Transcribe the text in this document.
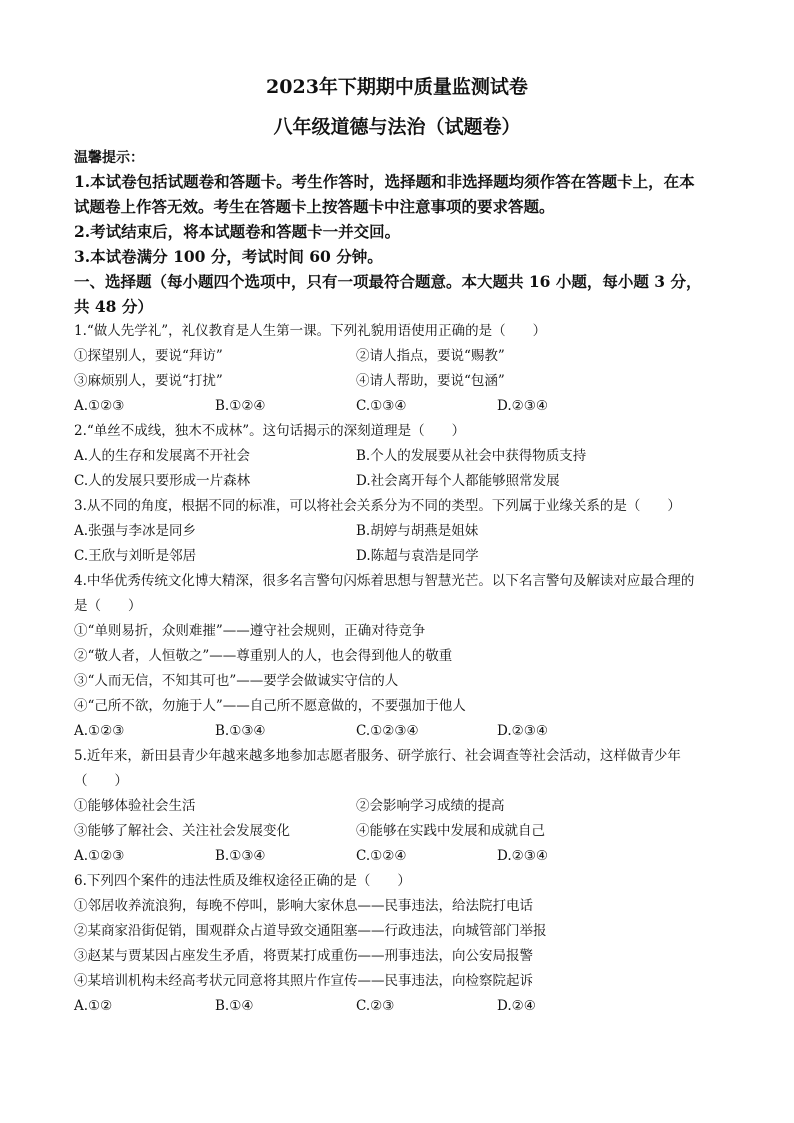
2023年下期期中质量监测试卷
八年级道德与法治（试题卷）
温馨提示：
1.本试卷包括试题卷和答题卡。考生作答时，选择题和非选择题均须作答在答题卡上，在本
试题卷上作答无效。考生在答题卡上按答题卡中注意事项的要求答题。
2.考试结束后，将本试题卷和答题卡一并交回。
3.本试卷满分 100 分，考试时间 60 分钟。
一、选择题（每小题四个选项中，只有一项最符合题意。本大题共 16 小题，每小题 3 分，
共 48 分）
1.“做人先学礼”，礼仪教育是人生第一课。下列礼貌用语使用正确的是（　　）
①探望别人，要说“拜访”	②请人指点，要说“赐教”
③麻烦别人，要说“打扰”	④请人帮助，要说“包涵”
A.①②③	B.①②④	C.①③④	D.②③④
2.“单丝不成线，独木不成林”。这句话揭示的深刻道理是（　　）
A.人的生存和发展离不开社会	B.个人的发展要从社会中获得物质支持
C.人的发展只要形成一片森林	D.社会离开每个人都能够照常发展
3.从不同的角度，根据不同的标准，可以将社会关系分为不同的类型。下列属于业缘关系的是（　　）
A.张强与李冰是同乡	B.胡婷与胡燕是姐妹
C.王欣与刘昕是邻居	D.陈超与袁浩是同学
4.中华优秀传统文化博大精深，很多名言警句闪烁着思想与智慧光芒。以下名言警句及解读对应最合理的
是（　　）
①“单则易折，众则难摧”——遵守社会规则，正确对待竞争
②“敬人者，人恒敬之”——尊重别人的人，也会得到他人的敬重
③“人而无信，不知其可也”——要学会做诚实守信的人
④“己所不欲，勿施于人”——自己所不愿意做的，不要强加于他人
A.①②③	B.①③④	C.①②③④	D.②③④
5.近年来，新田县青少年越来越多地参加志愿者服务、研学旅行、社会调查等社会活动，这样做青少年
（　　）
①能够体验社会生活	②会影响学习成绩的提高
③能够了解社会、关注社会发展变化	④能够在实践中发展和成就自己
A.①②③	B.①③④	C.①②④	D.②③④
6.下列四个案件的违法性质及维权途径正确的是（　　）
①邻居收养流浪狗，每晚不停叫，影响大家休息——民事违法，给法院打电话
②某商家沿街促销，围观群众占道导致交通阻塞——行政违法，向城管部门举报
③赵某与贾某因占座发生矛盾，将贾某打成重伤——刑事违法，向公安局报警
④某培训机构未经高考状元同意将其照片作宣传——民事违法，向检察院起诉
A.①②	B.①④	C.②③	D.②④
